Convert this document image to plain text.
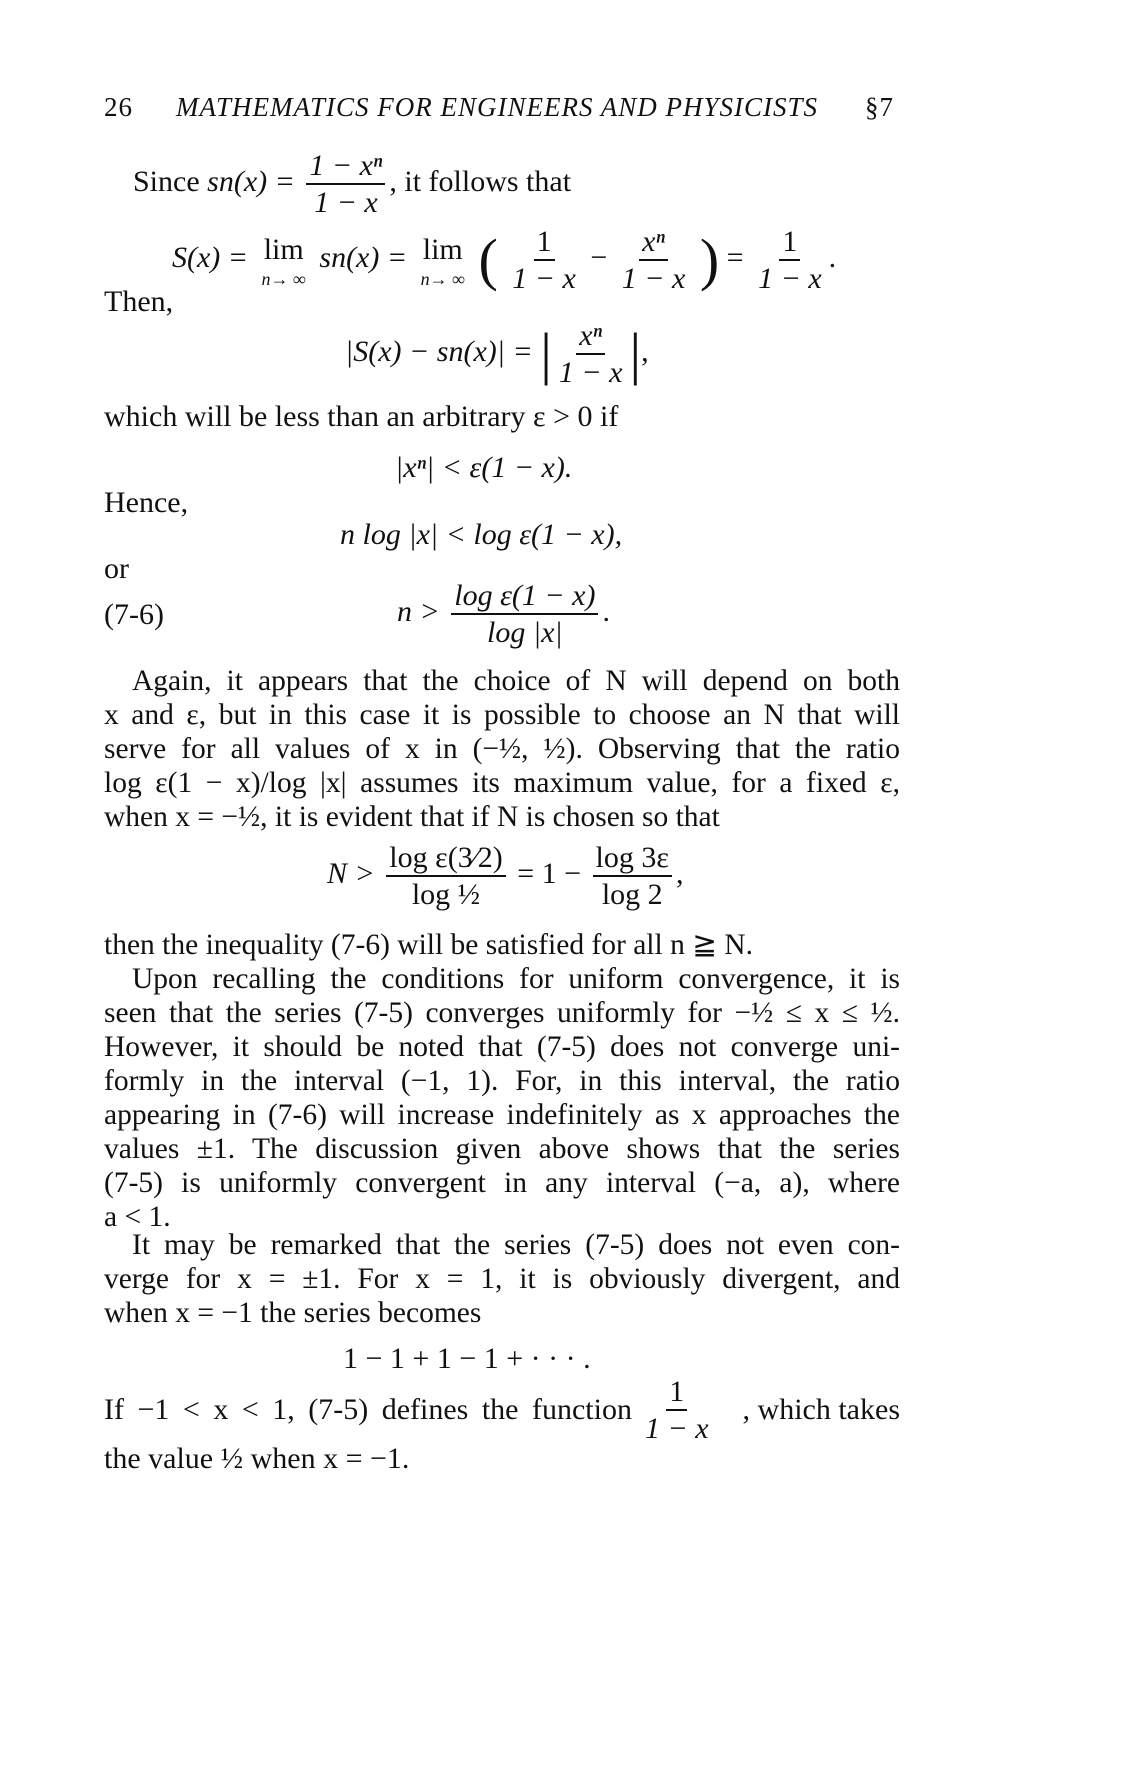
26 MATHEMATICS FOR ENGINEERS AND PHYSICISTS §7
Since $sn(x) = \frac{\text{1 − xⁿ}}{1 - x}$ , it follows that
S(x) = lim
n→ ∞
sn(x) = lim
n→ ∞ ( $\frac{1}{1 - x} - \frac{\text{xⁿ}}{1 - x}$ ) = $\frac{1}{1 - x}$ .
Then,
|S(x) − sn(x)| = | $\frac{\text{xⁿ}}{1 - x}$ |,
which will be less than an arbitrary ε > 0 if
|xⁿ| < ε(1 − x).
Hence,
n log |x| < log ε(1 − x),
or
(7-6)	$n > \frac{\text{log ε(1 − x)}}{\log |x|}$ .
Again, it appears that the choice of N will depend on both
x and ε, but in this case it is possible to choose an N that will
serve for all values of x in (−½, ½). Observing that the ratio
log ε(1 − x)/log |x| assumes its maximum value, for a fixed ε,
when x = −½, it is evident that if N is chosen so that
$N > \frac{\text{log ε(3⁄2)}}{\text{log ½}} = 1 - \frac{\log 3\varepsilon}{\log 2}$ ,
then the inequality (7-6) will be satisfied for all n ≧ N.
Upon recalling the conditions for uniform convergence, it is
seen that the series (7-5) converges uniformly for −½ ≤ x ≤ ½.
However, it should be noted that (7-5) does not converge uni-
formly in the interval (−1, 1). For, in this interval, the ratio
appearing in (7-6) will increase indefinitely as x approaches the
values ±1. The discussion given above shows that the series
(7-5) is uniformly convergent in any interval (−a, a), where
a < 1.
It may be remarked that the series (7-5) does not even con-
verge for x = ±1. For x = 1, it is obviously divergent, and
when x = −1 the series becomes
1 − 1 + 1 − 1 + · · · .
If −1 < x < 1, (7-5) defines the function $\frac{1}{1 - x}$ , which takes
the value ½ when x = −1.
